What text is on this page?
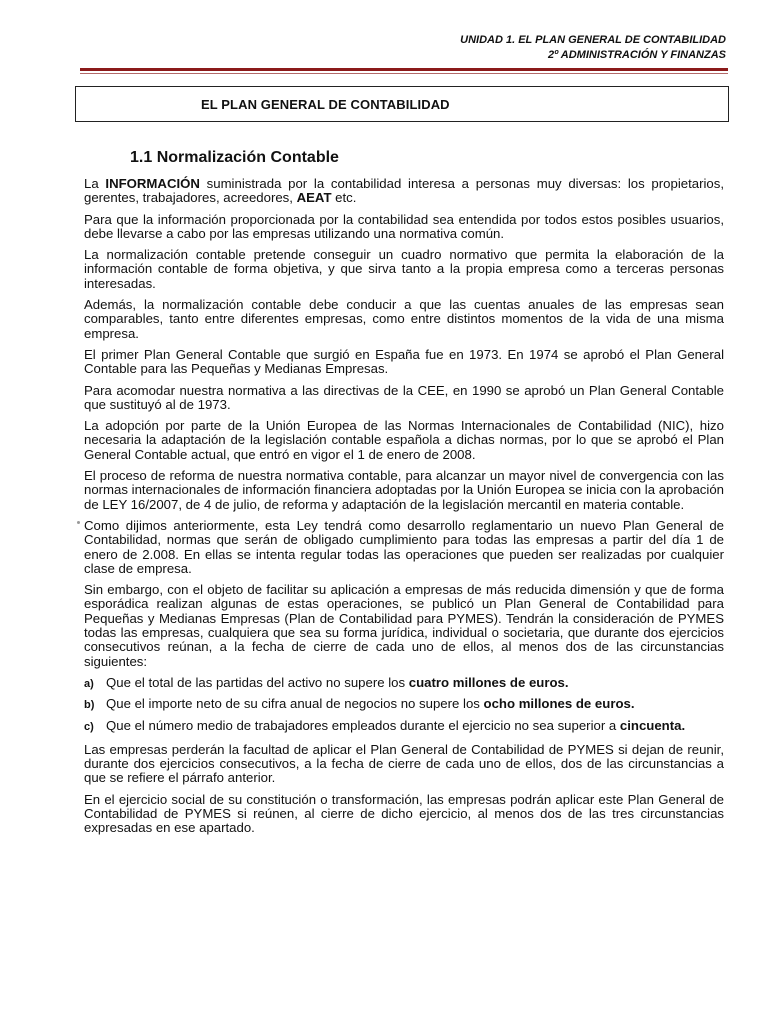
UNIDAD 1. EL PLAN GENERAL DE CONTABILIDAD
2º ADMINISTRACIÓN Y FINANZAS
EL PLAN GENERAL DE CONTABILIDAD
1.1 Normalización Contable

La INFORMACIÓN suministrada por la contabilidad interesa a personas muy diversas: los propietarios, gerentes, trabajadores, acreedores, AEAT etc.

Para que la información proporcionada por la contabilidad sea entendida por todos estos posibles usuarios, debe llevarse a cabo por las empresas utilizando una normativa común.

La normalización contable pretende conseguir un cuadro normativo que permita la elaboración de la información contable de forma objetiva, y que sirva tanto a la propia empresa como a terceras personas interesadas.

Además, la normalización contable debe conducir a que las cuentas anuales de las empresas sean comparables, tanto entre diferentes empresas, como entre distintos momentos de la vida de una misma empresa.

El primer Plan General Contable que surgió en España fue en 1973. En 1974 se aprobó el Plan General Contable para las Pequeñas y Medianas Empresas.

Para acomodar nuestra normativa a las directivas de la CEE, en 1990 se aprobó un Plan General Contable que sustituyó al de 1973.

La adopción por parte de la Unión Europea de las Normas Internacionales de Contabilidad (NIC), hizo necesaria la adaptación de la legislación contable española a dichas normas, por lo que se aprobó el Plan General Contable actual, que entró en vigor el 1 de enero de 2008.

El proceso de reforma de nuestra normativa contable, para alcanzar un mayor nivel de convergencia con las normas internacionales de información financiera adoptadas por la Unión Europea se inicia con la aprobación de LEY 16/2007, de 4 de julio, de reforma y adaptación de la legislación mercantil en materia contable.

Como dijimos anteriormente, esta Ley tendrá como desarrollo reglamentario un nuevo Plan General de Contabilidad, normas que serán de obligado cumplimiento para todas las empresas a partir del día 1 de enero de 2.008. En ellas se intenta regular todas las operaciones que pueden ser realizadas por cualquier clase de empresa.

Sin embargo, con el objeto de facilitar su aplicación a empresas de más reducida dimensión y que de forma esporádica realizan algunas de estas operaciones, se publicó un Plan General de Contabilidad para Pequeñas y Medianas Empresas (Plan de Contabilidad para PYMES). Tendrán la consideración de PYMES todas las empresas, cualquiera que sea su forma jurídica, individual o societaria, que durante dos ejercicios consecutivos reúnan, a la fecha de cierre de cada uno de ellos, al menos dos de las circunstancias siguientes:

a) Que el total de las partidas del activo no supere los cuatro millones de euros.
b) Que el importe neto de su cifra anual de negocios no supere los ocho millones de euros.
c) Que el número medio de trabajadores empleados durante el ejercicio no sea superior a cincuenta.

Las empresas perderán la facultad de aplicar el Plan General de Contabilidad de PYMES si dejan de reunir, durante dos ejercicios consecutivos, a la fecha de cierre de cada uno de ellos, dos de las circunstancias a que se refiere el párrafo anterior.

En el ejercicio social de su constitución o transformación, las empresas podrán aplicar este Plan General de Contabilidad de PYMES si reúnen, al cierre de dicho ejercicio, al menos dos de las tres circunstancias expresadas en ese apartado.
